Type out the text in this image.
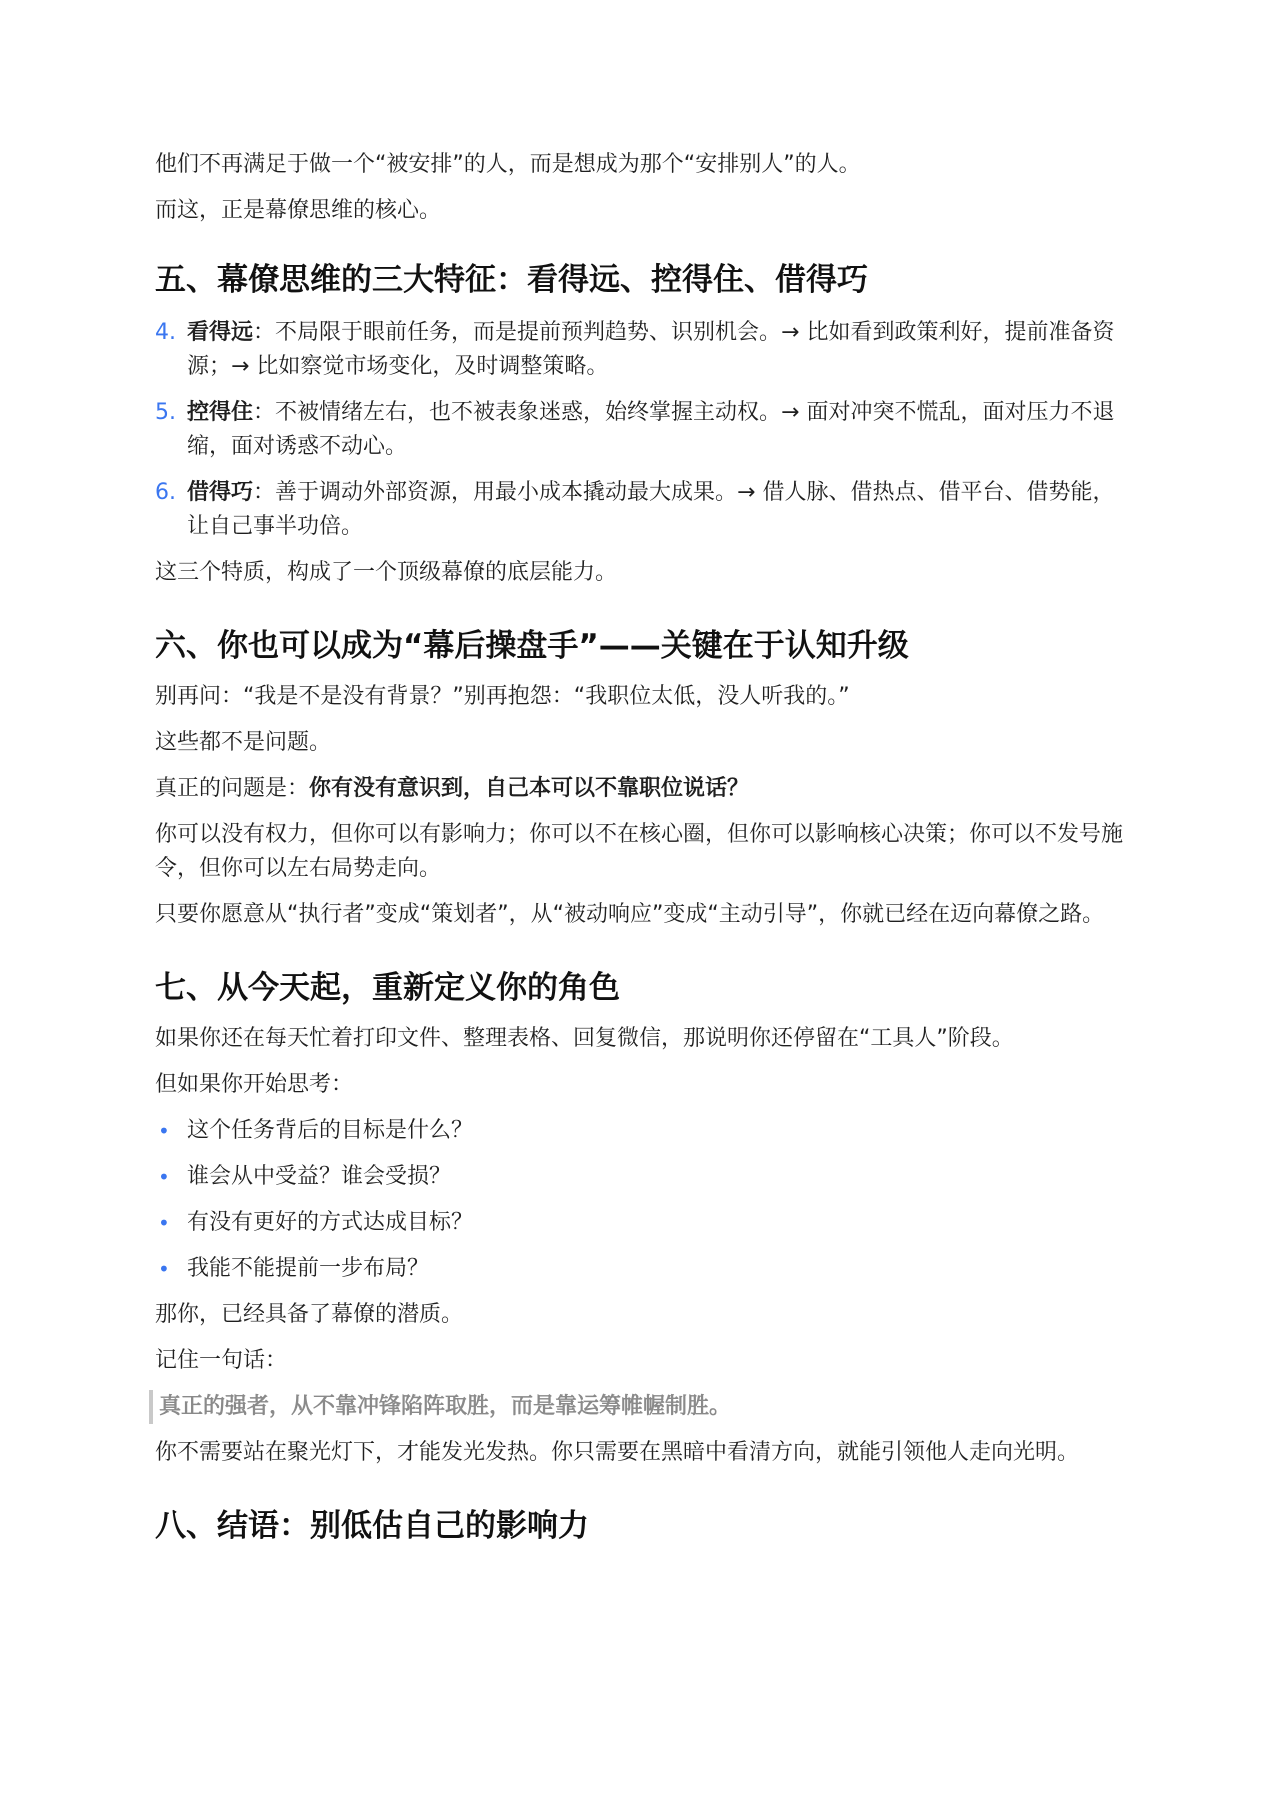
他们不再满足于做一个“被安排”的人，而是想成为那个“安排别人”的人。

而这，正是幕僚思维的核心。

五、幕僚思维的三大特征：看得远、控得住、借得巧
4. 看得远：不局限于眼前任务，而是提前预判趋势、识别机会。→ 比如看到政策利好，提前准备资源；→ 比如察觉市场变化，及时调整策略。
5. 控得住：不被情绪左右，也不被表象迷惑，始终掌握主动权。→ 面对冲突不慌乱，面对压力不退缩，面对诱惑不动心。
6. 借得巧：善于调动外部资源，用最小成本撬动最大成果。→ 借人脉、借热点、借平台、借势能，让自己事半功倍。

这三个特质，构成了一个顶级幕僚的底层能力。

六、你也可以成为“幕后操盘手”——关键在于认知升级

别再问：“我是不是没有背景？”别再抱怨：“我职位太低，没人听我的。”

这些都不是问题。

真正的问题是：你有没有意识到，自己本可以不靠职位说话？

你可以没有权力，但你可以有影响力；你可以不在核心圈，但你可以影响核心决策；你可以不发号施令，但你可以左右局势走向。

只要你愿意从“执行者”变成“策划者”，从“被动响应”变成“主动引导”，你就已经在迈向幕僚之路。

七、从今天起，重新定义你的角色

如果你还在每天忙着打印文件、整理表格、回复微信，那说明你还停留在“工具人”阶段。

但如果你开始思考：

• 这个任务背后的目标是什么？
• 谁会从中受益？谁会受损？
• 有没有更好的方式达成目标？
• 我能不能提前一步布局？

那你，已经具备了幕僚的潜质。

记住一句话：

真正的强者，从不靠冲锋陷阵取胜，而是靠运筹帷幄制胜。

你不需要站在聚光灯下，才能发光发热。你只需要在黑暗中看清方向，就能引领他人走向光明。

八、结语：别低估自己的影响力
